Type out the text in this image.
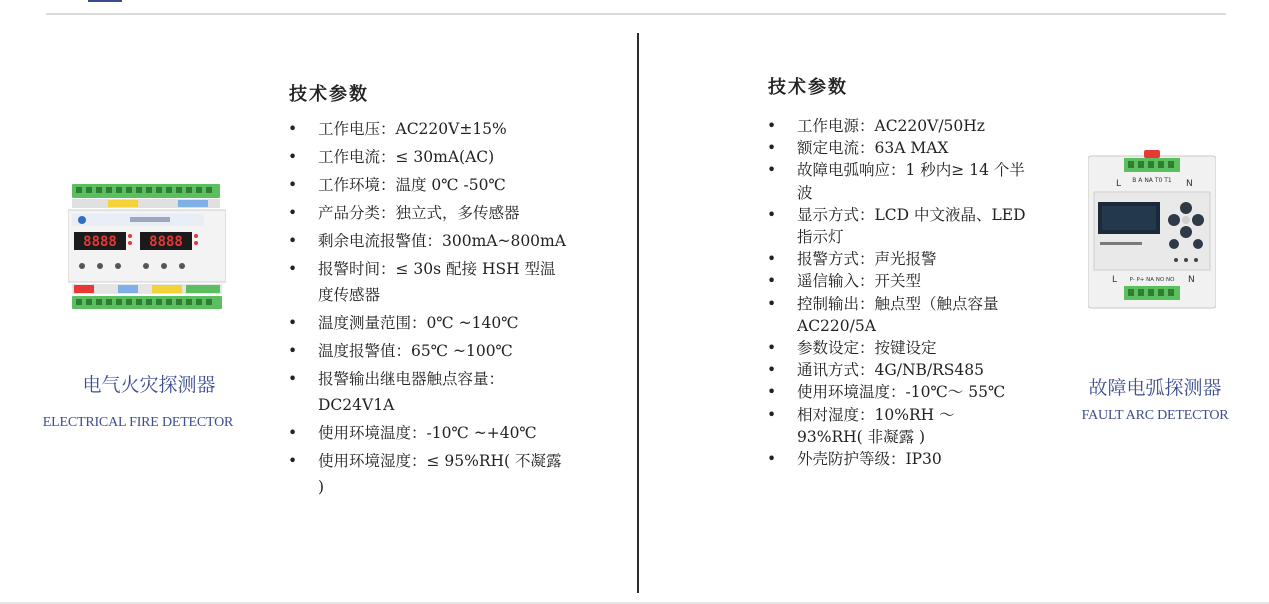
8888 8888
电气火灾探测器
ELECTRICAL FIRE DETECTOR
技术参数
• 工作电压：AC220V±15%
• 工作电流：≤ 30mA(AC)
• 工作环境：温度 0℃ -50℃
• 产品分类：独立式，多传感器
• 剩余电流报警值：300mA~800mA
• 报警时间：≤ 30s 配接 HSH 型温度传感器
• 温度测量范围：0℃ ~140℃
• 温度报警值：65℃ ~100℃
• 报警输出继电器触点容量：DC24V1A
• 使用环境温度：-10℃ ~+40℃
• 使用环境湿度：≤ 95%RH( 不凝露 )
技术参数
• 工作电源：AC220V/50Hz
• 额定电流：63A MAX
• 故障电弧响应：1 秒内≥ 14 个半波
• 显示方式：LCD 中文液晶、LED 指示灯
• 报警方式：声光报警
• 遥信输入：开关型
• 控制输出：触点型（触点容量 AC220/5A
• 参数设定：按键设定
• 通讯方式：4G/NB/RS485
• 使用环境温度：-10℃～ 55℃
• 相对湿度：10%RH ～ 93%RH( 非凝露 )
• 外壳防护等级：IP30
B A NA T0 T1
L	N
P- P+ NA NO NO
L	N
故障电弧探测器
FAULT ARC DETECTOR
